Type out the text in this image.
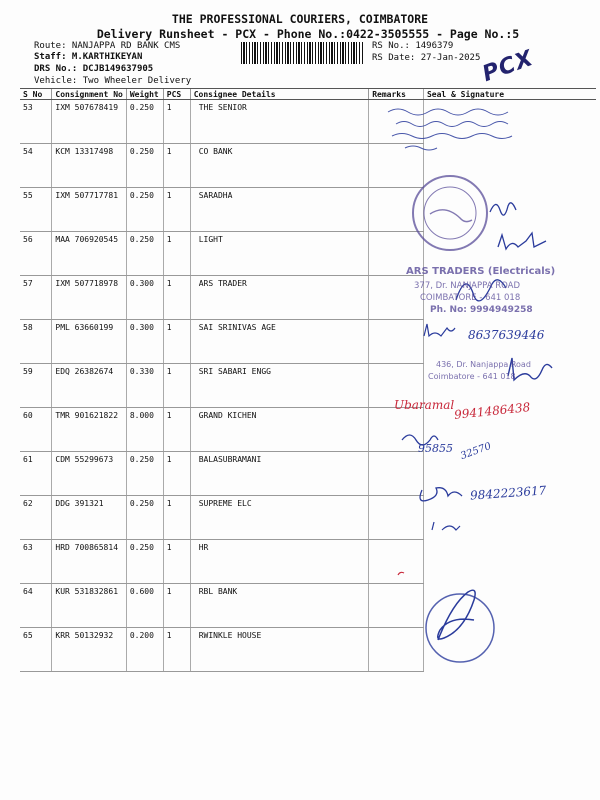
THE PROFESSIONAL COURIERS, COIMBATORE
Delivery Runsheet - PCX - Phone No.:0422-3505555 - Page No.:5
Route: NANJAPPA RD BANK CMS
Staff: M.KARTHIKEYAN
DRS No.: DCJB149637905
Vehicle: Two Wheeler Delivery
RS No.: 1496379
RS Date: 27-Jan-2025
PCX
S No	Consignment No	Weight	PCS	Consignee Details	Remarks	Seal & Signature
53	IXM 507678419	0.250	1	THE SENIOR		
54	KCM 13317498	0.250	1	CO BANK		
55	IXM 507717781	0.250	1	SARADHA		
56	MAA 706920545	0.250	1	LIGHT		
57	IXM 507718978	0.300	1	ARS TRADER		
58	PML 63660199	0.300	1	SAI SRINIVAS AGE		
59	EDQ 26382674	0.330	1	SRI SABARI ENGG		
60	TMR 901621822	8.000	1	GRAND KICHEN		
61	CDM 55299673	0.250	1	BALASUBRAMANI		
62	DDG 391321	0.250	1	SUPREME ELC		
63	HRD 700865814	0.250	1	HR		
64	KUR 531832861	0.600	1	RBL BANK		
65	KRR 50132932	0.200	1	RWINKLE HOUSE		
ARS TRADERS (Electricals)
377, Dr. NANJAPPA ROAD
COIMBATORE - 641 018
Ph. No: 9994949258
436, Dr. Nanjappa Road
Coimbatore - 641 018
8637639446
Ubaramal 9941486438
95855 32570
9842223617
